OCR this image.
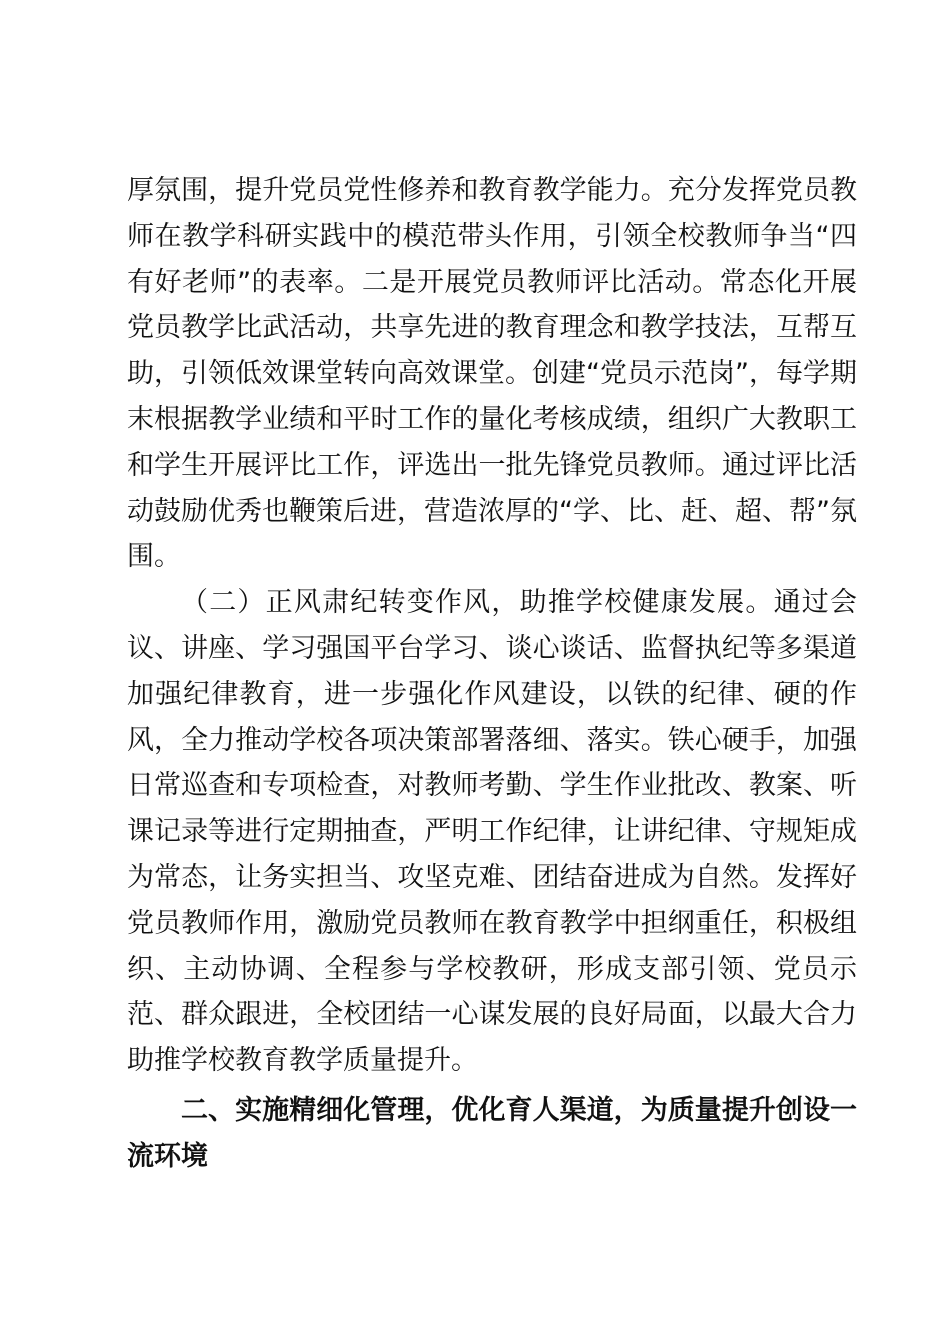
厚氛围，提升党员党性修养和教育教学能力。充分发挥党员教师在教学科研实践中的模范带头作用，引领全校教师争当“四有好老师”的表率。二是开展党员教师评比活动。常态化开展党员教学比武活动，共享先进的教育理念和教学技法，互帮互助，引领低效课堂转向高效课堂。创建“党员示范岗”，每学期末根据教学业绩和平时工作的量化考核成绩，组织广大教职工和学生开展评比工作，评选出一批先锋党员教师。通过评比活动鼓励优秀也鞭策后进，营造浓厚的“学、比、赶、超、帮”氛围。

（二）正风肃纪转变作风，助推学校健康发展。通过会议、讲座、学习强国平台学习、谈心谈话、监督执纪等多渠道加强纪律教育，进一步强化作风建设，以铁的纪律、硬的作风，全力推动学校各项决策部署落细、落实。铁心硬手，加强日常巡查和专项检查，对教师考勤、学生作业批改、教案、听课记录等进行定期抽查，严明工作纪律，让讲纪律、守规矩成为常态，让务实担当、攻坚克难、团结奋进成为自然。发挥好党员教师作用，激励党员教师在教育教学中担纲重任，积极组织、主动协调、全程参与学校教研，形成支部引领、党员示范、群众跟进，全校团结一心谋发展的良好局面，以最大合力助推学校教育教学质量提升。

二、实施精细化管理，优化育人渠道，为质量提升创设一流环境
